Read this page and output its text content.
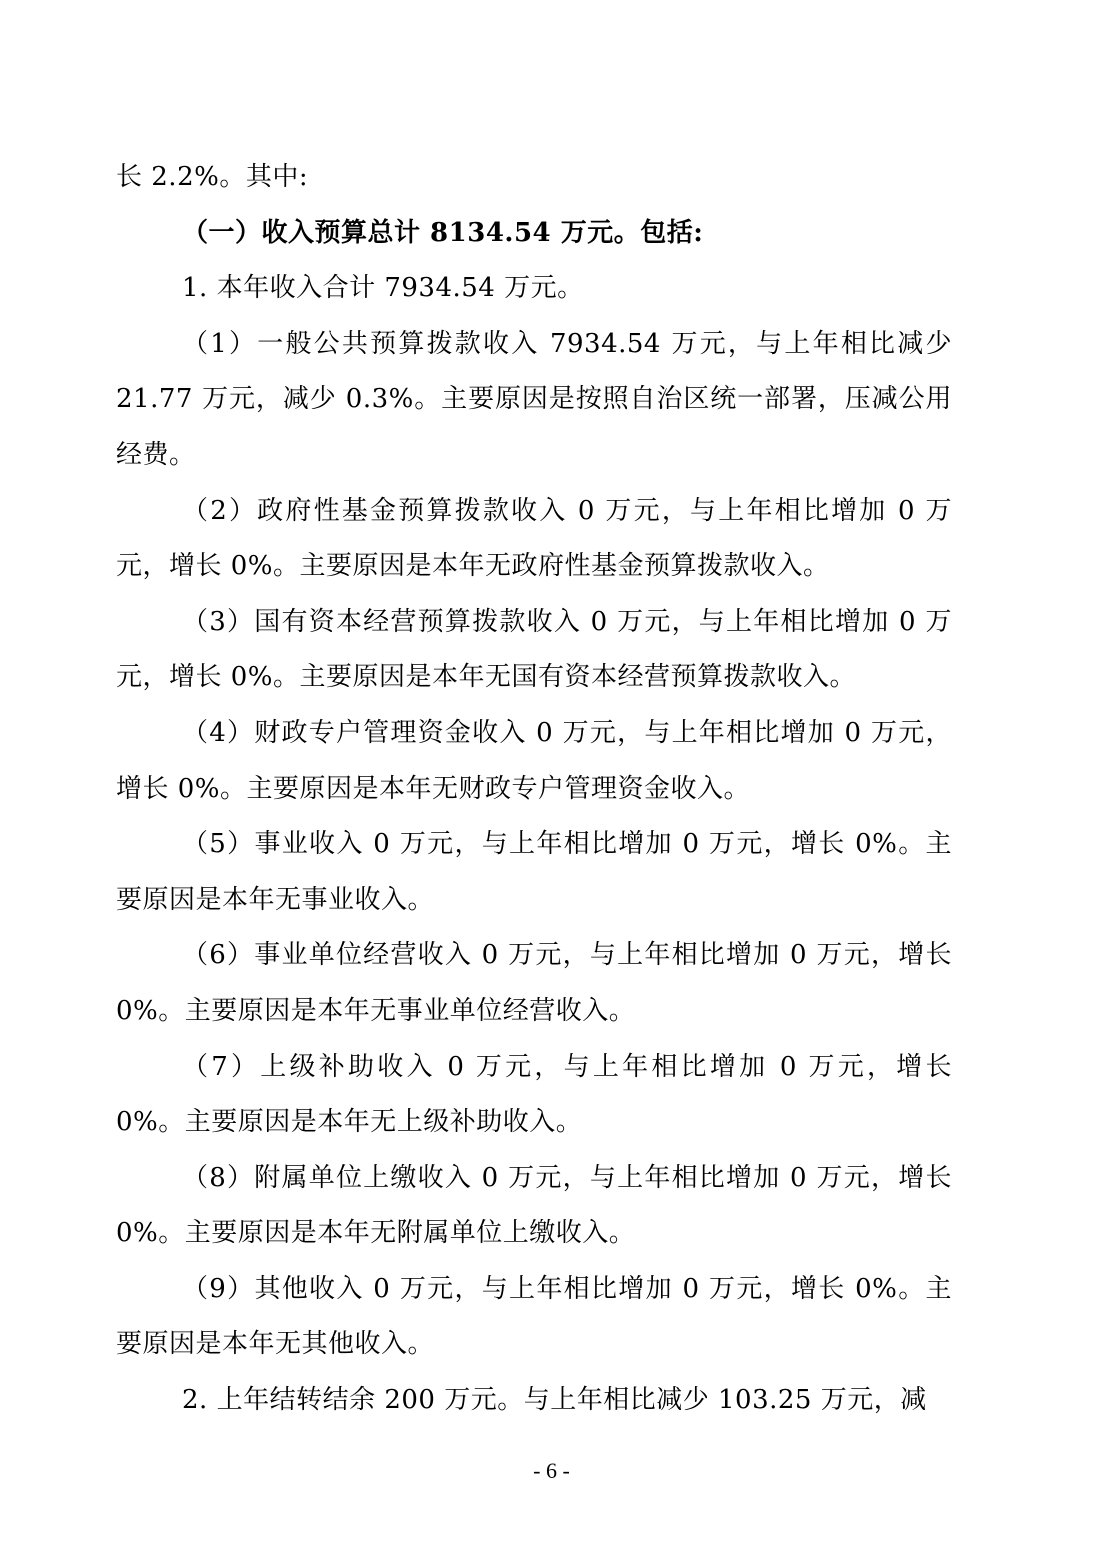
长 2.2%。其中:

（一）收入预算总计 8134.54 万元。包括:

1. 本年收入合计 7934.54 万元。

（1）一般公共预算拨款收入 7934.54 万元，与上年相比减少 21.77 万元，减少 0.3%。主要原因是按照自治区统一部署，压减公用经费。

（2）政府性基金预算拨款收入 0 万元，与上年相比增加 0 万元，增长 0%。主要原因是本年无政府性基金预算拨款收入。

（3）国有资本经营预算拨款收入 0 万元，与上年相比增加 0 万元，增长 0%。主要原因是本年无国有资本经营预算拨款收入。

（4）财政专户管理资金收入 0 万元，与上年相比增加 0 万元，增长 0%。主要原因是本年无财政专户管理资金收入。

（5）事业收入 0 万元，与上年相比增加 0 万元，增长 0%。主要原因是本年无事业收入。

（6）事业单位经营收入 0 万元，与上年相比增加 0 万元，增长 0%。主要原因是本年无事业单位经营收入。

（7）上级补助收入 0 万元，与上年相比增加 0 万元，增长 0%。主要原因是本年无上级补助收入。

（8）附属单位上缴收入 0 万元，与上年相比增加 0 万元，增长 0%。主要原因是本年无附属单位上缴收入。

（9）其他收入 0 万元，与上年相比增加 0 万元，增长 0%。主要原因是本年无其他收入。

2. 上年结转结余 200 万元。与上年相比减少 103.25 万元，减

- 6 -
